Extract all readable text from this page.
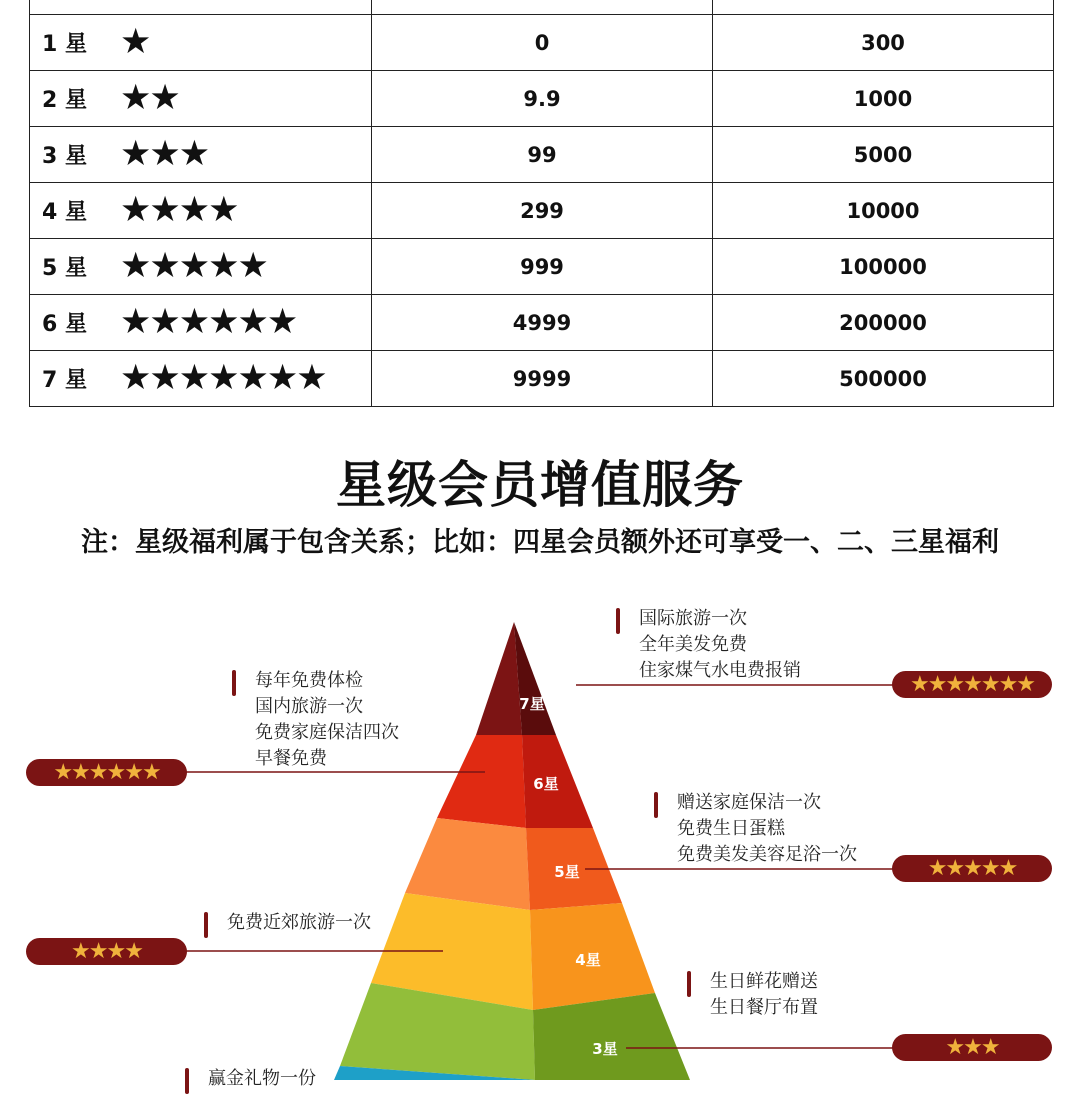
1 星 ★	0	300
2 星 ★★	9.9	1000
3 星 ★★★	99	5000
4 星 ★★★★	299	10000
5 星 ★★★★★	999	100000
6 星 ★★★★★★	4999	200000
7 星 ★★★★★★★	9999	500000
星级会员增值服务
注：星级福利属于包含关系；比如：四星会员额外还可享受一、二、三星福利
7星
6星
5星
4星
3星
国际旅游一次
全年美发免费
住家煤气水电费报销
★★★★★★★
每年免费体检
国内旅游一次
免费家庭保洁四次
早餐免费
★★★★★★
赠送家庭保洁一次
免费生日蛋糕
免费美发美容足浴一次
★★★★★
免费近郊旅游一次
★★★★
生日鲜花赠送
生日餐厅布置
★★★
赢金礼物一份
